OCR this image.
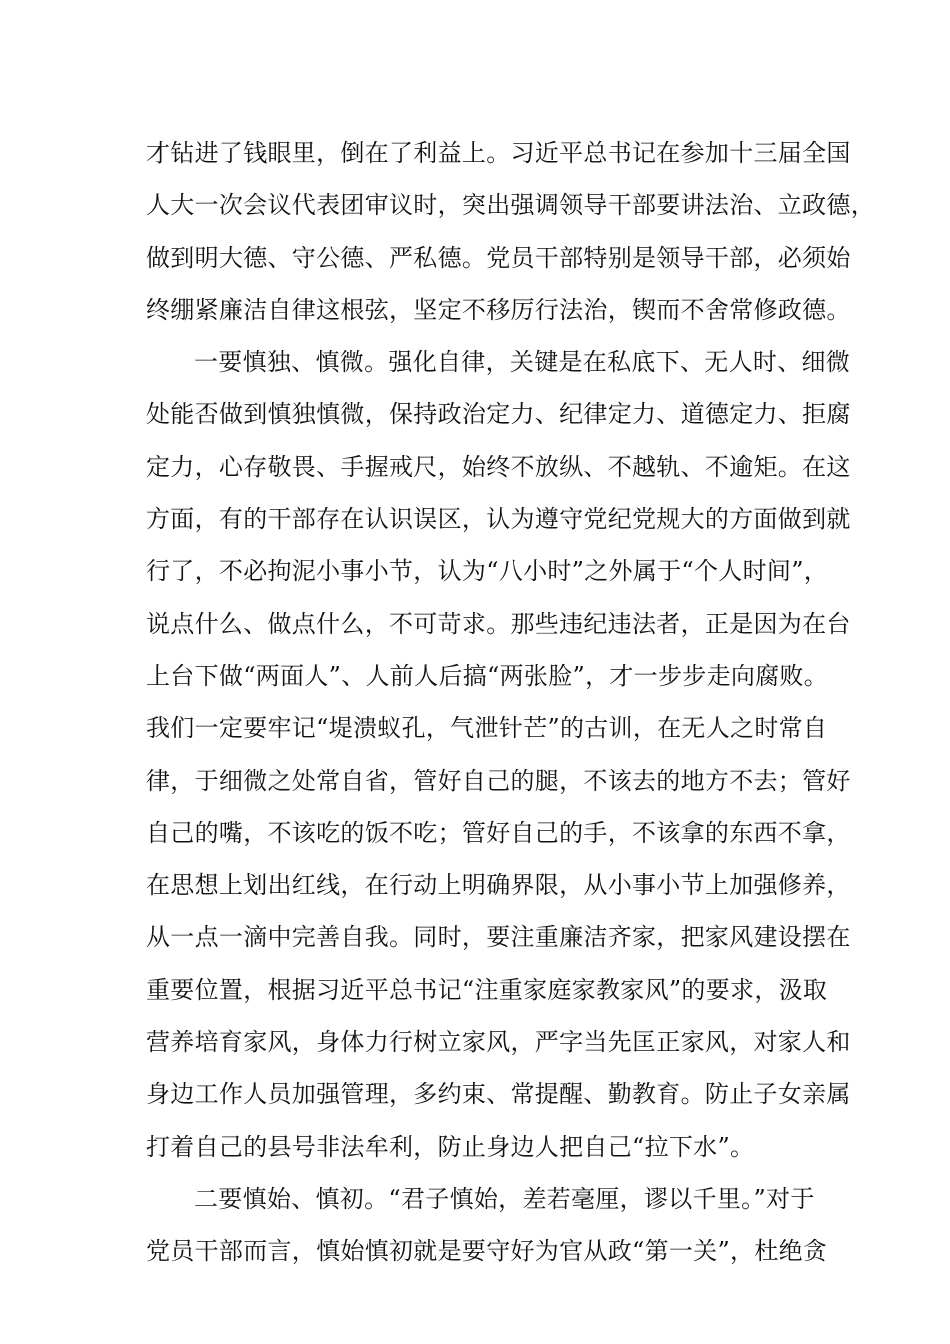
才钻进了钱眼里，倒在了利益上。习近平总书记在参加十三届全国
人大一次会议代表团审议时，突出强调领导干部要讲法治、立政德，
做到明大德、守公德、严私德。党员干部特别是领导干部，必须始
终绷紧廉洁自律这根弦，坚定不移厉行法治，锲而不舍常修政德。
一要慎独、慎微。强化自律，关键是在私底下、无人时、细微
处能否做到慎独慎微，保持政治定力、纪律定力、道德定力、拒腐
定力，心存敬畏、手握戒尺，始终不放纵、不越轨、不逾矩。在这
方面，有的干部存在认识误区，认为遵守党纪党规大的方面做到就
行了，不必拘泥小事小节，认为“八小时”之外属于“个人时间”，
说点什么、做点什么，不可苛求。那些违纪违法者，正是因为在台
上台下做“两面人”、人前人后搞“两张脸”，才一步步走向腐败。
我们一定要牢记“堤溃蚁孔，气泄针芒”的古训，在无人之时常自
律，于细微之处常自省，管好自己的腿，不该去的地方不去；管好
自己的嘴，不该吃的饭不吃；管好自己的手，不该拿的东西不拿，
在思想上划出红线，在行动上明确界限，从小事小节上加强修养，
从一点一滴中完善自我。同时，要注重廉洁齐家，把家风建设摆在
重要位置，根据习近平总书记“注重家庭家教家风”的要求，汲取
营养培育家风，身体力行树立家风，严字当先匡正家风，对家人和
身边工作人员加强管理，多约束、常提醒、勤教育。防止子女亲属
打着自己的县号非法牟利，防止身边人把自己“拉下水”。
二要慎始、慎初。“君子慎始，差若毫厘，谬以千里。”对于
党员干部而言，慎始慎初就是要守好为官从政“第一关”，杜绝贪
